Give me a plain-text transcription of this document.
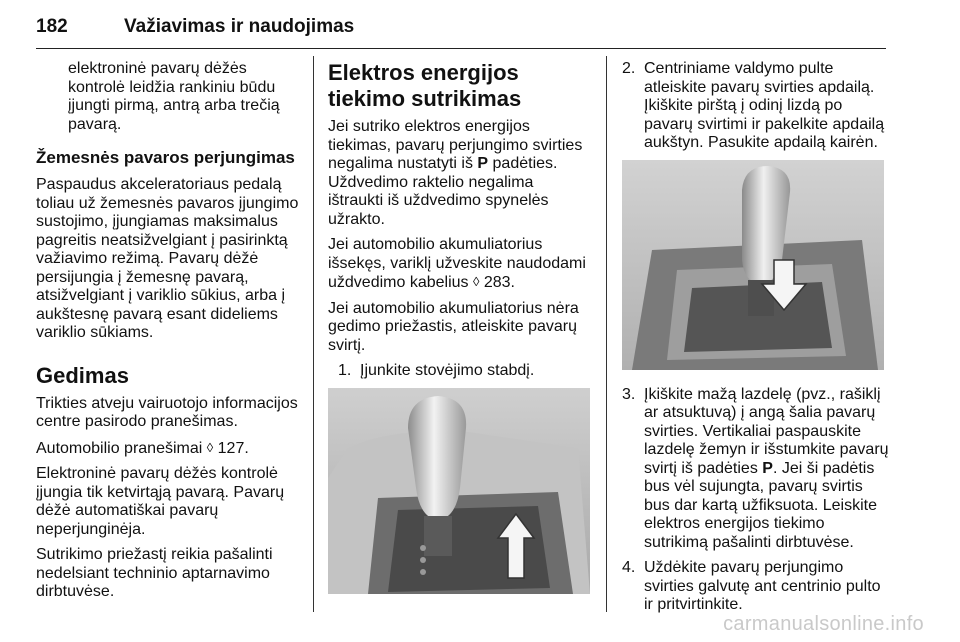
182	Važiavimas ir naudojimas

elektroninė pavarų dėžės kontrolė leidžia rankiniu būdu įjungti pirmą, antrą arba trečią pavarą.

Žemesnės pavaros perjungimas

Paspaudus akceleratoriaus pedalą toliau už žemesnės pavaros įjungimo sustojimo, įjungiamas maksimalus pagreitis neatsižvelgiant į pasirinktą važiavimo režimą. Pavarų dėžė persijungia į žemesnę pavarą, atsižvelgiant į variklio sūkius, arba į aukštesnę pavarą esant dideliems variklio sūkiams.

Gedimas

Trikties atveju vairuotojo informacijos centre pasirodo pranešimas.

Automobilio pranešimai ◊ 127.

Elektroninė pavarų dėžės kontrolė įjungia tik ketvirtąją pavarą. Pavarų dėžė automatiškai pavarų neperjunginėja.

Sutrikimo priežastį reikia pašalinti nedelsiant techninio aptarnavimo dirbtuvėse.

Elektros energijos tiekimo sutrikimas

Jei sutriko elektros energijos tiekimas, pavarų perjungimo svirties negalima nustatyti iš P padėties. Uždvedimo raktelio negalima ištraukti iš uždvedimo spynelės užrakto.

Jei automobilio akumuliatorius išsekęs, variklį užveskite naudodami uždvedimo kabelius ◊ 283.

Jei automobilio akumuliatorius nėra gedimo priežastis, atleiskite pavarų svirtį.

1. Įjunkite stovėjimo stabdį.
2. Centriniame valdymo pulte atleiskite pavarų svirties apdailą. Įkiškite pirštą į odinį lizdą po pavarų svirtimi ir pakelkite apdailą aukštyn. Pasukite apdailą kairėn.
3. Įkiškite mažą lazdelę (pvz., rašiklį ar atsuktuvą) į angą šalia pavarų svirties. Vertikaliai paspauskite lazdelę žemyn ir išstumkite pavarų svirtį iš padėties P. Jei ši padėtis bus vėl sujungta, pavarų svirtis bus dar kartą užfiksuota. Leiskite elektros energijos tiekimo sutrikimą pašalinti dirbtuvėse.
4. Uždėkite pavarų perjungimo svirties galvutę ant centrinio pulto ir pritvirtinkite.
carmanualsonline.info
